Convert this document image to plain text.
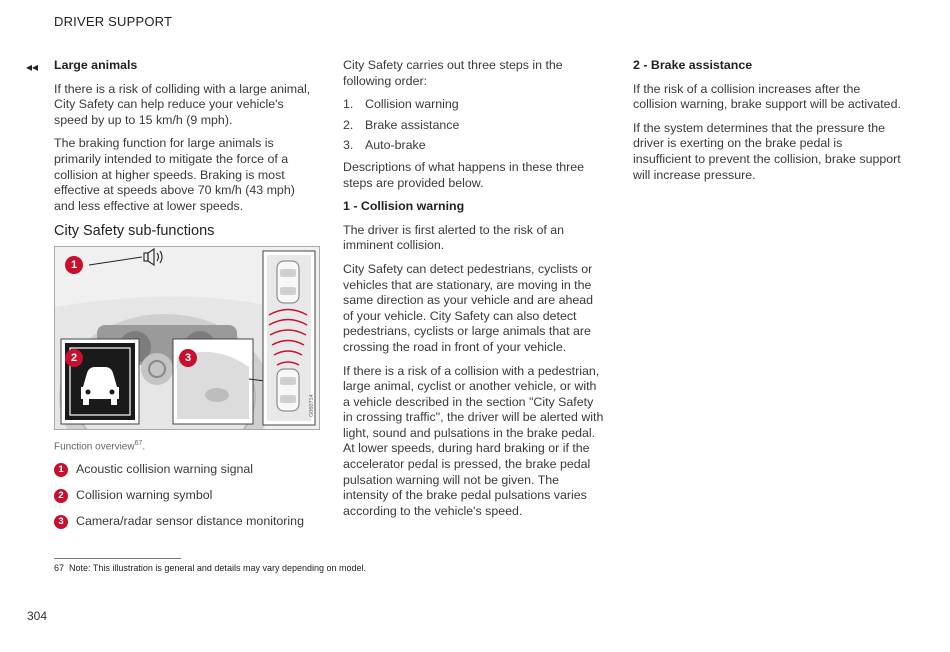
DRIVER SUPPORT
◂◂ Large animals

If there is a risk of colliding with a large animal, City Safety can help reduce your vehicle's speed by up to 15 km/h (9 mph).

The braking function for large animals is primarily intended to mitigate the force of a collision at higher speeds. Braking is most effective at speeds above 70 km/h (43 mph) and less effective at lower speeds.

City Safety sub-functions
1
2	3
G060714
Function overview$^{67}$.
1 Acoustic collision warning signal
2 Collision warning symbol
3 Camera/radar sensor distance monitoring

City Safety carries out three steps in the following order:

1. Collision warning
2. Brake assistance
3. Auto-brake

Descriptions of what happens in these three steps are provided below.

1 - Collision warning

The driver is first alerted to the risk of an imminent collision.

City Safety can detect pedestrians, cyclists or vehicles that are stationary, are moving in the same direction as your vehicle and are ahead of your vehicle. City Safety can also detect pedestrians, cyclists or large animals that are crossing the road in front of your vehicle.

If there is a risk of a collision with a pedestrian, large animal, cyclist or another vehicle, or with a vehicle described in the section "City Safety in crossing traffic", the driver will be alerted with light, sound and pulsations in the brake pedal. At lower speeds, during hard braking or if the accelerator pedal is pressed, the brake pedal pulsation warning will not be given. The intensity of the brake pedal pulsations varies according to the vehicle's speed.

2 - Brake assistance

If the risk of a collision increases after the collision warning, brake support will be activated.

If the system determines that the pressure the driver is exerting on the brake pedal is insufficient to prevent the collision, brake support will increase pressure.

67 Note: This illustration is general and details may vary depending on model.
304
